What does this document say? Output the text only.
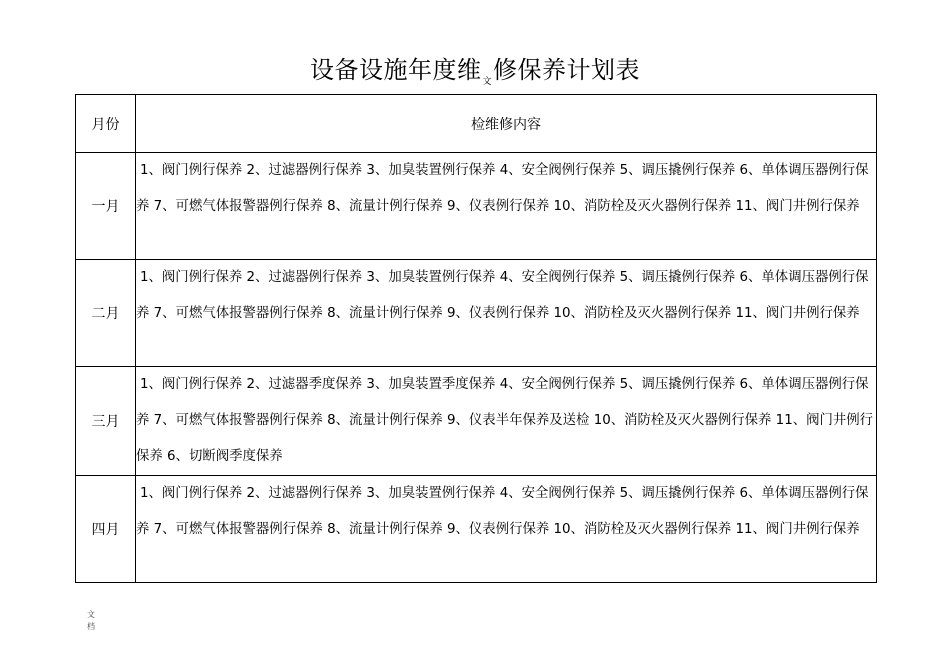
设备设施年度维$_文$修保养计划表
月份	检维修内容
一月	1、阀门例行保养 2、过滤器例行保养 3、加臭装置例行保养 4、安全阀例行保养 5、调压撬例行保养 6、单体调压器例行保养 7、可燃气体报警器例行保养 8、流量计例行保养 9、仪表例行保养 10、消防栓及灭火器例行保养 11、阀门井例行保养
二月	1、阀门例行保养 2、过滤器例行保养 3、加臭装置例行保养 4、安全阀例行保养 5、调压撬例行保养 6、单体调压器例行保养 7、可燃气体报警器例行保养 8、流量计例行保养 9、仪表例行保养 10、消防栓及灭火器例行保养 11、阀门井例行保养
三月	1、阀门例行保养 2、过滤器季度保养 3、加臭装置季度保养 4、安全阀例行保养 5、调压撬例行保养 6、单体调压器例行保养 7、可燃气体报警器例行保养 8、流量计例行保养 9、仪表半年保养及送检 10、消防栓及灭火器例行保养 11、阀门井例行保养 6、切断阀季度保养
四月	1、阀门例行保养 2、过滤器例行保养 3、加臭装置例行保养 4、安全阀例行保养 5、调压撬例行保养 6、单体调压器例行保养 7、可燃气体报警器例行保养 8、流量计例行保养 9、仪表例行保养 10、消防栓及灭火器例行保养 11、阀门井例行保养
文
档
